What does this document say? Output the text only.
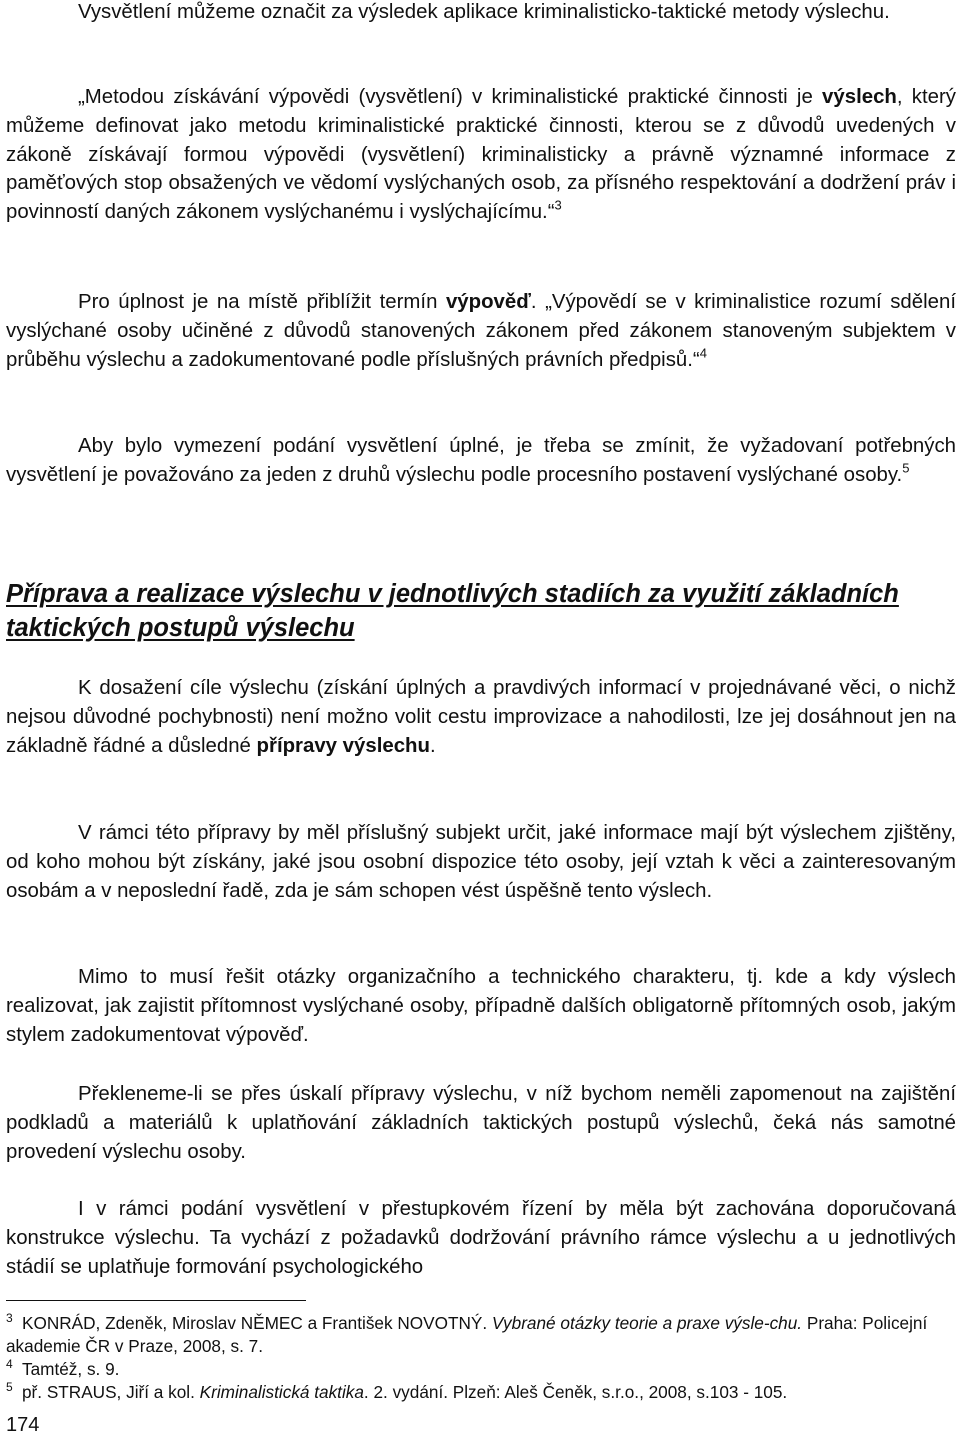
Vysvětlení můžeme označit za výsledek aplikace kriminalisticko-taktické metody výslechu.

„Metodou získávání výpovědi (vysvětlení) v kriminalistické praktické činnosti je výslech, který můžeme definovat jako metodu kriminalistické praktické činnosti, kterou se z důvodů uvedených v zákoně získávají formou výpovědi (vysvětlení) kriminalisticky a právně významné informace z paměťových stop obsažených ve vědomí vyslýchaných osob, za přísného respektování a dodržení práv i povinností daných zákonem vyslýchanému i vyslýchajícímu.“$^3$

Pro úplnost je na místě přiblížit termín výpověď. „Výpovědí se v kriminalistice rozumí sdělení vyslýchané osoby učiněné z důvodů stanovených zákonem před zákonem stanoveným subjektem v průběhu výslechu a zadokumentované podle příslušných právních předpisů.“$^4$

Aby bylo vymezení podání vysvětlení úplné, je třeba se zmínit, že vyžadovaní potřebných vysvětlení je považováno za jeden z druhů výslechu podle procesního postavení vyslýchané osoby.$^5$

Příprava a realizace výslechu v jednotlivých stadiích za využití základních taktických postupů výslechu

K dosažení cíle výslechu (získání úplných a pravdivých informací v projednávané věci, o nichž nejsou důvodné pochybnosti) není možno volit cestu improvizace a nahodilosti, lze jej dosáhnout jen na základně řádné a důsledné přípravy výslechu.

V rámci této přípravy by měl příslušný subjekt určit, jaké informace mají být výslechem zjištěny, od koho mohou být získány, jaké jsou osobní dispozice této osoby, její vztah k věci a zainteresovaným osobám a v neposlední řadě, zda je sám schopen vést úspěšně tento výslech.

Mimo to musí řešit otázky organizačního a technického charakteru, tj. kde a kdy výslech realizovat, jak zajistit přítomnost vyslýchané osoby, případně dalších obligatorně přítomných osob, jakým stylem zadokumentovat výpověď.

Překleneme-li se přes úskalí přípravy výslechu, v níž bychom neměli zapomenout na zajištění podkladů a materiálů k uplatňování základních taktických postupů výslechů, čeká nás samotné provedení výslechu osoby.

I v rámci podání vysvětlení v přestupkovém řízení by měla být zachována doporučovaná konstrukce výslechu. Ta vychází z požadavků dodržování právního rámce výslechu a u jednotlivých stádií se uplatňuje formování psychologického

3 KONRÁD, Zdeněk, Miroslav NĚMEC a František NOVOTNÝ. Vybrané otázky teorie a praxe výsle-chu. Praha: Policejní akademie ČR v Praze, 2008, s. 7.

4 Tamtéž, s. 9.

5 př. STRAUS, Jiří a kol. Kriminalistická taktika. 2. vydání. Plzeň: Aleš Čeněk, s.r.o., 2008, s.103 - 105.

174
